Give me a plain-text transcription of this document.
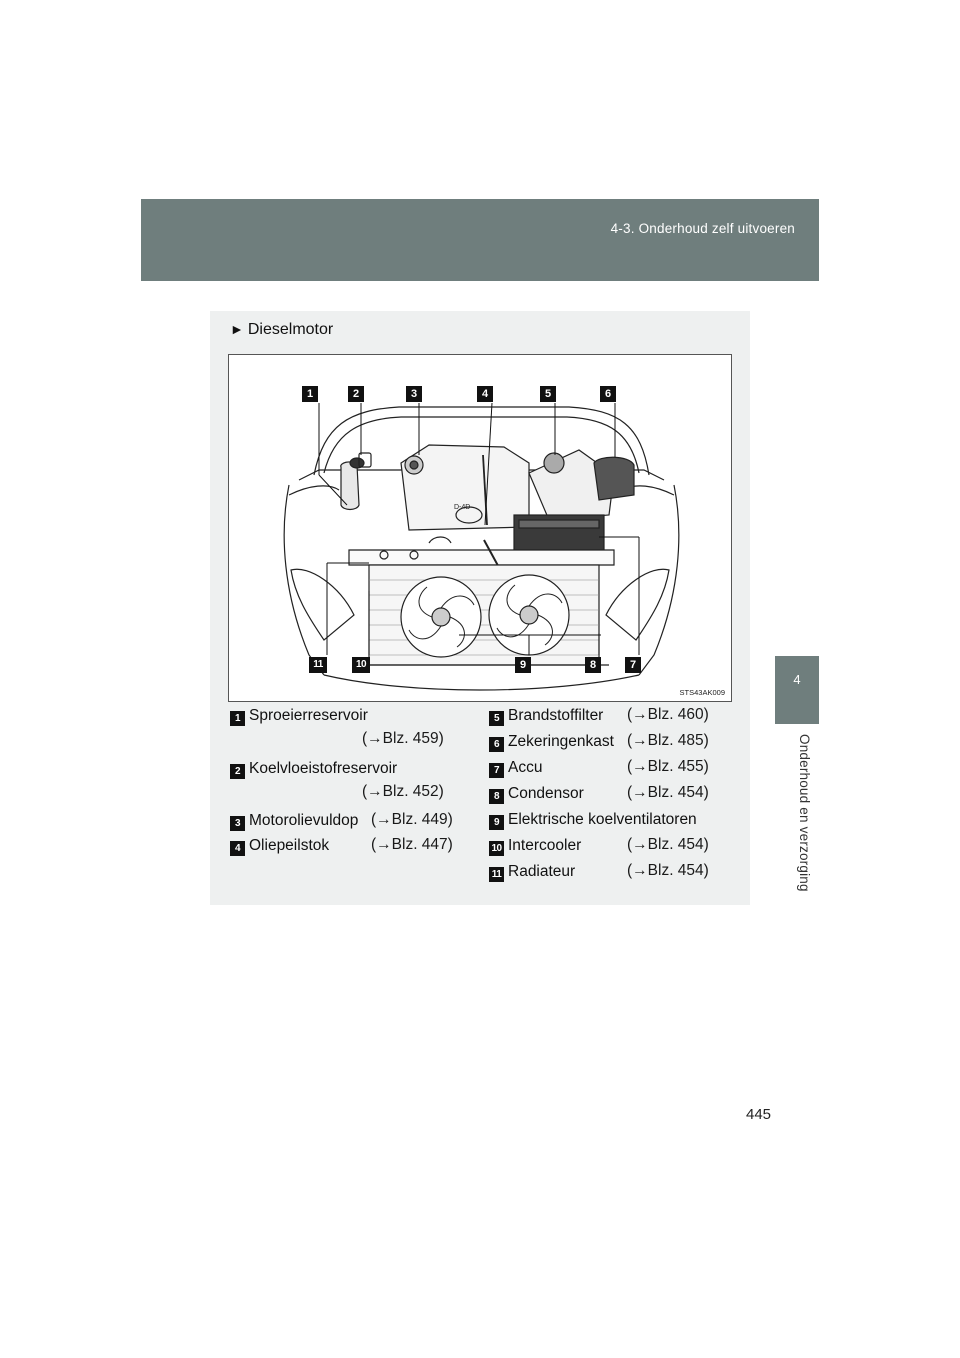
4-3. Onderhoud zelf uitvoeren
4
Onderhoud en verzorging
► Dieselmotor
D-4D
1	2	3	4	5	6
7
8
9
10
11
STS43AK009
1 Sproeierreservoir
(→Blz. 459)
2 Koelvloeistofreservoir
(→Blz. 452)
3 Motorolievuldop (→Blz. 449)
4 Oliepeilstok	(→Blz. 447)
5 Brandstoffilter (→Blz. 460)
6 Zekeringenkast (→Blz. 485)
7 Accu	(→Blz. 455)
8 Condensor	(→Blz. 454)
9 Elektrische koelventilatoren
10 Intercooler	(→Blz. 454)
11 Radiateur	(→Blz. 454)
445
